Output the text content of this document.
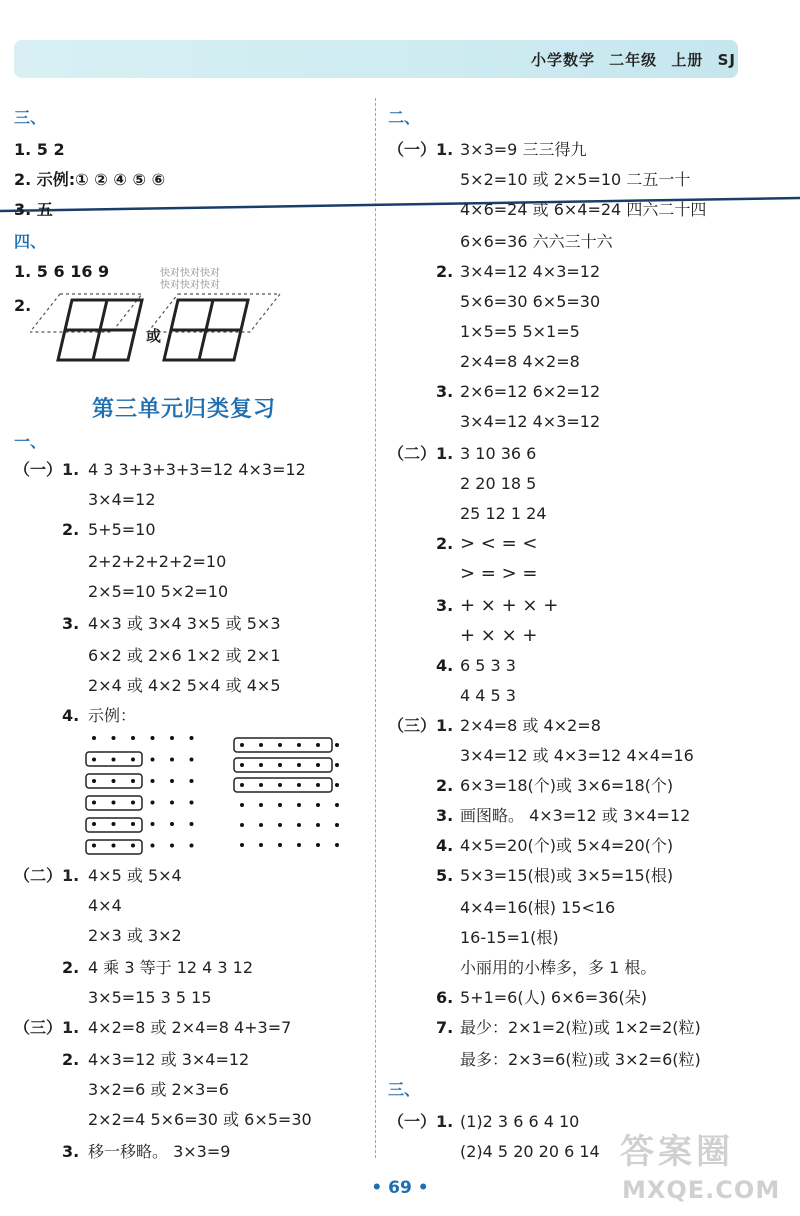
小学数学 二年级 上册 SJ
三、
1. 5 2
2. 示例:① ② ④ ⑤ ⑥
3. 五
四、
1. 5 6 16 9
2.
快对快对快对
快对快对快对
或
第三单元归类复习
一、
（一）1. 4 3 3+3+3+3=12 4×3=12
3×4=12
2. 5+5=10
2+2+2+2+2=10
2×5=10 5×2=10
3. 4×3 或 3×4 3×5 或 5×3
6×2 或 2×6 1×2 或 2×1
2×4 或 4×2 5×4 或 4×5
4. 示例：
（二）1. 4×5 或 5×4
4×4
2×3 或 3×2
2. 4 乘 3 等于 12 4 3 12
3×5=15 3 5 15
（三）1. 4×2=8 或 2×4=8 4+3=7
2. 4×3=12 或 3×4=12
3×2=6 或 2×3=6
2×2=4 5×6=30 或 6×5=30
3. 移一移略。 3×3=9
二、
（一）1. 3×3=9 三三得九
5×2=10 或 2×5=10 二五一十
4×6=24 或 6×4=24 四六二十四
6×6=36 六六三十六
2. 3×4=12 4×3=12
5×6=30 6×5=30
1×5=5 5×1=5
2×4=8 4×2=8
3. 2×6=12 6×2=12
3×4=12 4×3=12
（二）1. 3 10 36 6
2 20 18 5
25 12 1 24
2. > < = <
> = > =
3. + × + × +
+ × × +
4. 6 5 3 3
4 4 5 3
（三）1. 2×4=8 或 4×2=8
3×4=12 或 4×3=12 4×4=16
2. 6×3=18(个)或 3×6=18(个)
3. 画图略。 4×3=12 或 3×4=12
4. 4×5=20(个)或 5×4=20(个)
5. 5×3=15(根)或 3×5=15(根)
4×4=16(根) 15<16
16-15=1(根)
小丽用的小棒多，多 1 根。
6. 5+1=6(人) 6×6=36(朵)
7. 最少：2×1=2(粒)或 1×2=2(粒)
最多：2×3=6(粒)或 3×2=6(粒)
三、
（一）1. (1)2 3 6 6 4 10
(2)4 5 20 20 6 14 答案圈
MXQE.COM
• 69 •
